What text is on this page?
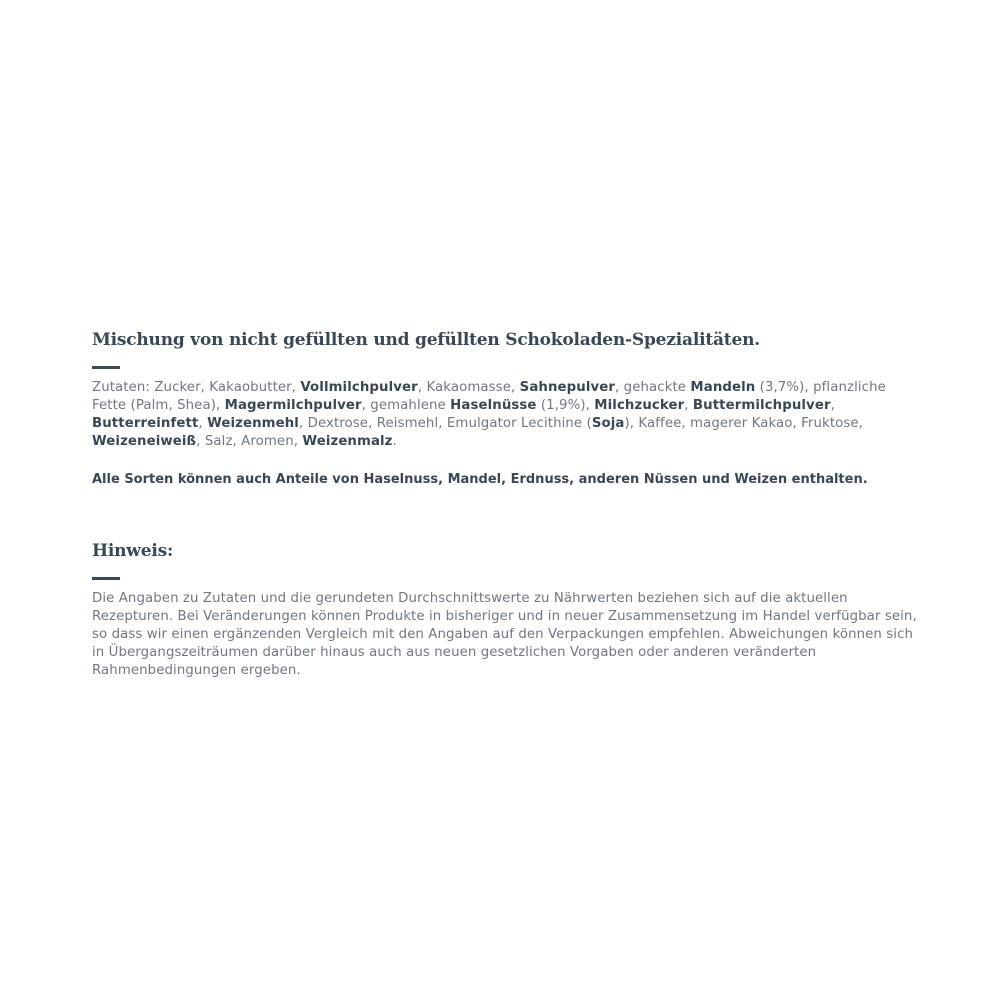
Mischung von nicht gefüllten und gefüllten Schokoladen-Spezialitäten.

Zutaten: Zucker, Kakaobutter, Vollmilchpulver, Kakaomasse, Sahnepulver, gehackte Mandeln (3,7%), pflanzliche Fette (Palm, Shea), Magermilchpulver, gemahlene Haselnüsse (1,9%), Milchzucker, Buttermilchpulver, Butterreinfett, Weizenmehl, Dextrose, Reismehl, Emulgator Lecithine (Soja), Kaffee, magerer Kakao, Fruktose, Weizeneiweiß, Salz, Aromen, Weizenmalz.

Alle Sorten können auch Anteile von Haselnuss, Mandel, Erdnuss, anderen Nüssen und Weizen enthalten.

Hinweis:

Die Angaben zu Zutaten und die gerundeten Durchschnittswerte zu Nährwerten beziehen sich auf die aktuellen Rezepturen. Bei Veränderungen können Produkte in bisheriger und in neuer Zusammensetzung im Handel verfügbar sein, so dass wir einen ergänzenden Vergleich mit den Angaben auf den Verpackungen empfehlen. Abweichungen können sich in Übergangszeiträumen darüber hinaus auch aus neuen gesetzlichen Vorgaben oder anderen veränderten Rahmenbedingungen ergeben.
